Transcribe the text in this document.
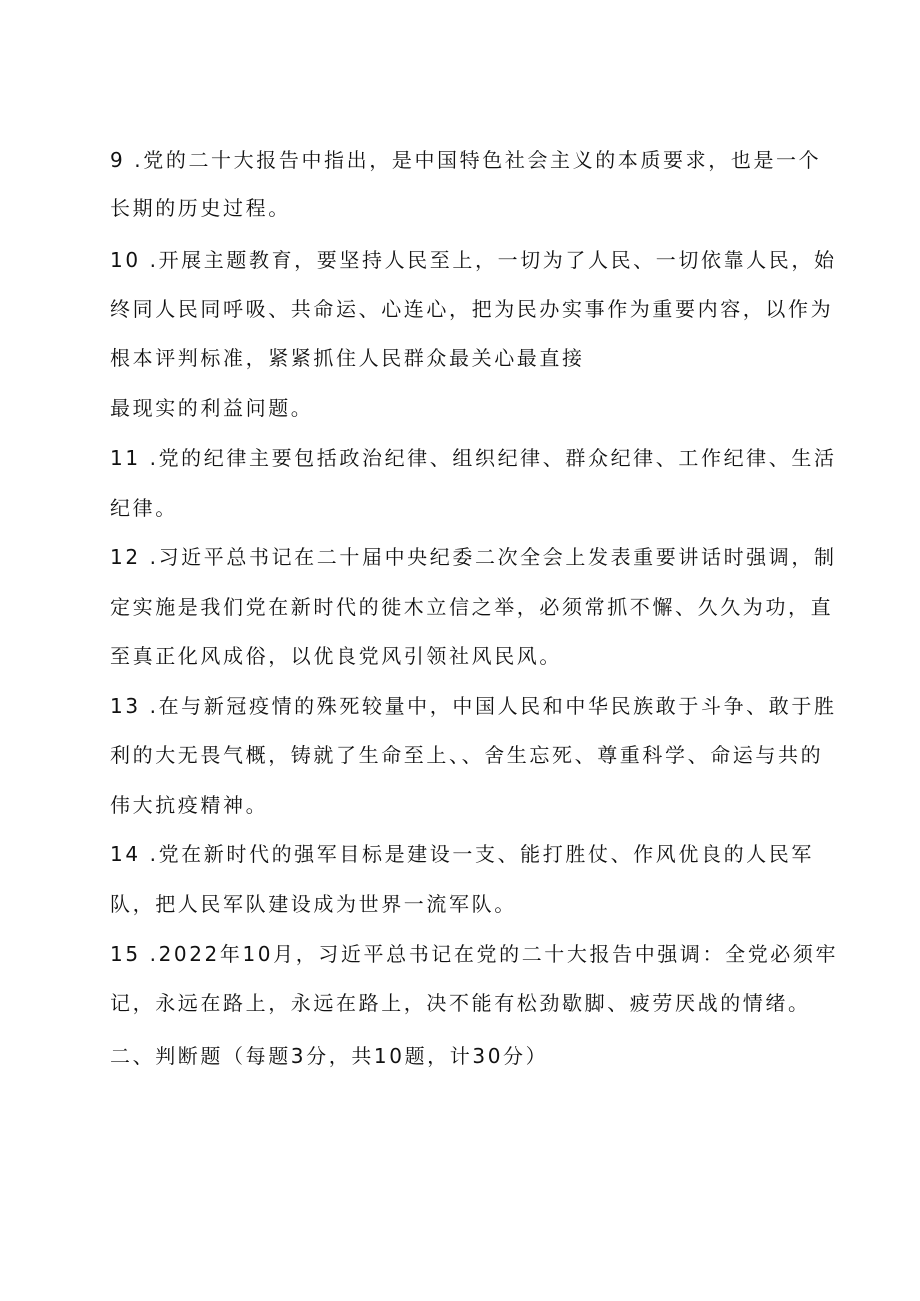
9 .党的二十大报告中指出，是中国特色社会主义的本质要求，也是一个
长期的历史过程。
10 .开展主题教育，要坚持人民至上，一切为了人民、一切依靠人民，始
终同人民同呼吸、共命运、心连心，把为民办实事作为重要内容，以作为
根本评判标准，紧紧抓住人民群众最关心最直接
最现实的利益问题。
11 .党的纪律主要包括政治纪律、组织纪律、群众纪律、工作纪律、生活
纪律。
12 .习近平总书记在二十届中央纪委二次全会上发表重要讲话时强调，制
定实施是我们党在新时代的徙木立信之举，必须常抓不懈、久久为功，直
至真正化风成俗，以优良党风引领社风民风。
13 .在与新冠疫情的殊死较量中，中国人民和中华民族敢于斗争、敢于胜
利的大无畏气概，铸就了生命至上、、舍生忘死、尊重科学、命运与共的
伟大抗疫精神。
14 .党在新时代的强军目标是建设一支、能打胜仗、作风优良的人民军
队，把人民军队建设成为世界一流军队。
15 .2022年10月，习近平总书记在党的二十大报告中强调：全党必须牢
记，永远在路上，永远在路上，决不能有松劲歇脚、疲劳厌战的情绪。
二、判断题（每题3分，共10题，计30分）
